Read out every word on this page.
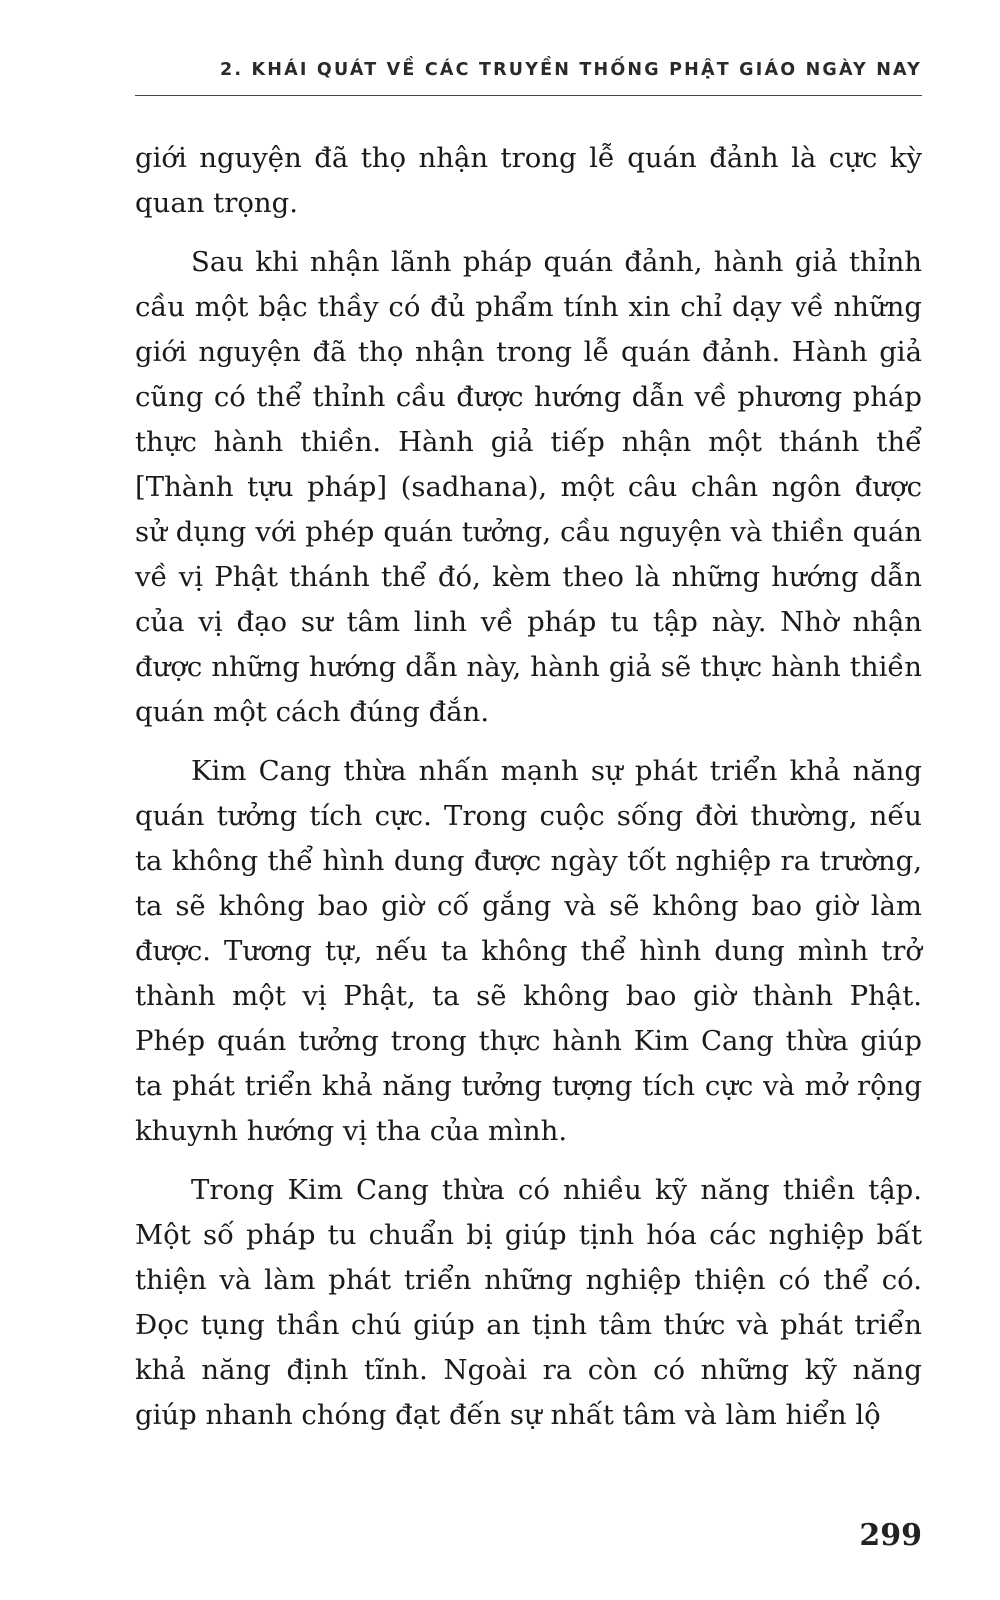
2. KHÁI QUÁT VỀ CÁC TRUYỀN THỐNG PHẬT GIÁO NGÀY NAY

giới nguyện đã thọ nhận trong lễ quán đảnh là cực kỳ quan trọng.

Sau khi nhận lãnh pháp quán đảnh, hành giả thỉnh cầu một bậc thầy có đủ phẩm tính xin chỉ dạy về những giới nguyện đã thọ nhận trong lễ quán đảnh. Hành giả cũng có thể thỉnh cầu được hướng dẫn về phương pháp thực hành thiền. Hành giả tiếp nhận một thánh thể [Thành tựu pháp] (sadhana), một câu chân ngôn được sử dụng với phép quán tưởng, cầu nguyện và thiền quán về vị Phật thánh thể đó, kèm theo là những hướng dẫn của vị đạo sư tâm linh về pháp tu tập này. Nhờ nhận được những hướng dẫn này, hành giả sẽ thực hành thiền quán một cách đúng đắn.

Kim Cang thừa nhấn mạnh sự phát triển khả năng quán tưởng tích cực. Trong cuộc sống đời thường, nếu ta không thể hình dung được ngày tốt nghiệp ra trường, ta sẽ không bao giờ cố gắng và sẽ không bao giờ làm được. Tương tự, nếu ta không thể hình dung mình trở thành một vị Phật, ta sẽ không bao giờ thành Phật. Phép quán tưởng trong thực hành Kim Cang thừa giúp ta phát triển khả năng tưởng tượng tích cực và mở rộng khuynh hướng vị tha của mình.

Trong Kim Cang thừa có nhiều kỹ năng thiền tập. Một số pháp tu chuẩn bị giúp tịnh hóa các nghiệp bất thiện và làm phát triển những nghiệp thiện có thể có. Đọc tụng thần chú giúp an tịnh tâm thức và phát triển khả năng định tĩnh. Ngoài ra còn có những kỹ năng giúp nhanh chóng đạt đến sự nhất tâm và làm hiển lộ

299
